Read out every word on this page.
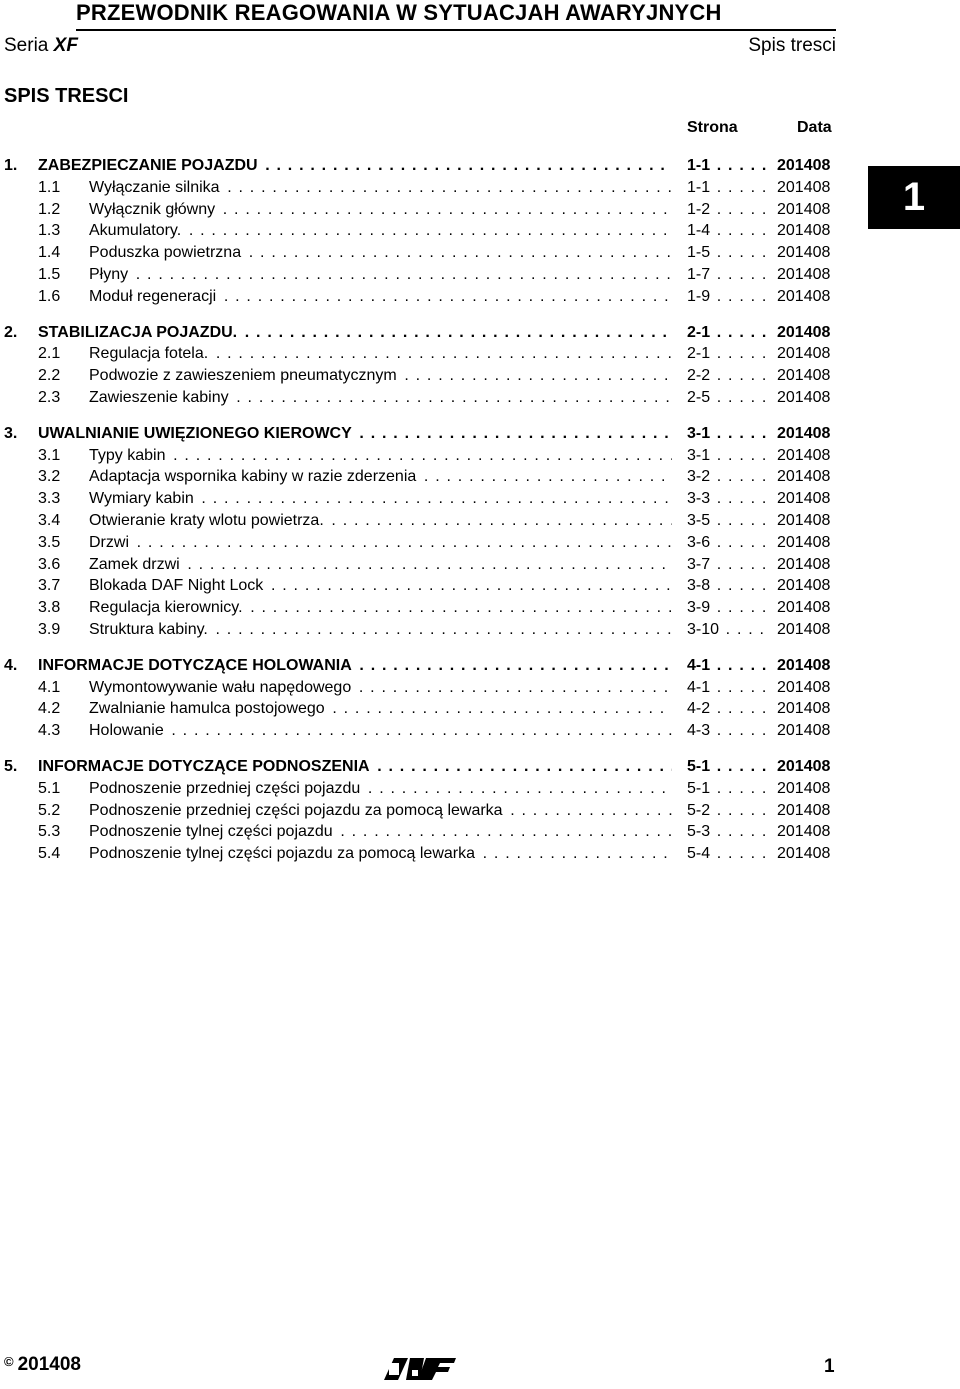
PRZEWODNIK REAGOWANIA W SYTUACJAH AWARYJNYCH
Seria XF	Spis tresci
SPIS TRESCI
Strona	Data
1
1. ZABEZPIECZANIE POJAZDU . . .	1-1 . . .	201408
1.1 Wyłączanie silnika . . .	1-1 . . .	201408
1.2 Wyłącznik główny . . .	1-2 . . .	201408
1.3 Akumulatory. . . .	1-4 . . .	201408
1.4 Poduszka powietrzna . . .	1-5 . . .	201408
1.5 Płyny . . .	1-7 . . .	201408
1.6 Moduł regeneracji . . .	1-9 . . .	201408
2. STABILIZACJA POJAZDU. . . .	2-1 . . .	201408
2.1 Regulacja fotela. . . .	2-1 . . .	201408
2.2 Podwozie z zawieszeniem pneumatycznym . . .	2-2 . . .	201408
2.3 Zawieszenie kabiny . . .	2-5 . . .	201408
3. UWALNIANIE UWIĘZIONEGO KIEROWCY . . .	3-1 . . .	201408
3.1 Typy kabin . . .	3-1 . . .	201408
3.2 Adaptacja wspornika kabiny w razie zderzenia . . .	3-2 . . .	201408
3.3 Wymiary kabin . . .	3-3 . . .	201408
3.4 Otwieranie kraty wlotu powietrza. . . .	3-5 . . .	201408
3.5 Drzwi . . .	3-6 . . .	201408
3.6 Zamek drzwi . . .	3-7 . . .	201408
3.7 Blokada DAF Night Lock . . .	3-8 . . .	201408
3.8 Regulacja kierownicy. . . .	3-9 . . .	201408
3.9 Struktura kabiny. . . .	3-10 . . .	201408
4. INFORMACJE DOTYCZĄCE HOLOWANIA . . .	4-1 . . .	201408
4.1 Wymontowywanie wału napędowego . . .	4-1 . . .	201408
4.2 Zwalnianie hamulca postojowego . . .	4-2 . . .	201408
4.3 Holowanie . . .	4-3 . . .	201408
5. INFORMACJE DOTYCZĄCE PODNOSZENIA . . .	5-1 . . .	201408
5.1 Podnoszenie przedniej części pojazdu . . .	5-1 . . .	201408
5.2 Podnoszenie przedniej części pojazdu za pomocą lewarka . . .	5-2 . . .	201408
5.3 Podnoszenie tylnej części pojazdu . . .	5-3 . . .	201408
5.4 Podnoszenie tylnej części pojazdu za pomocą lewarka . . .	5-4 . . .	201408
© 201408	1
